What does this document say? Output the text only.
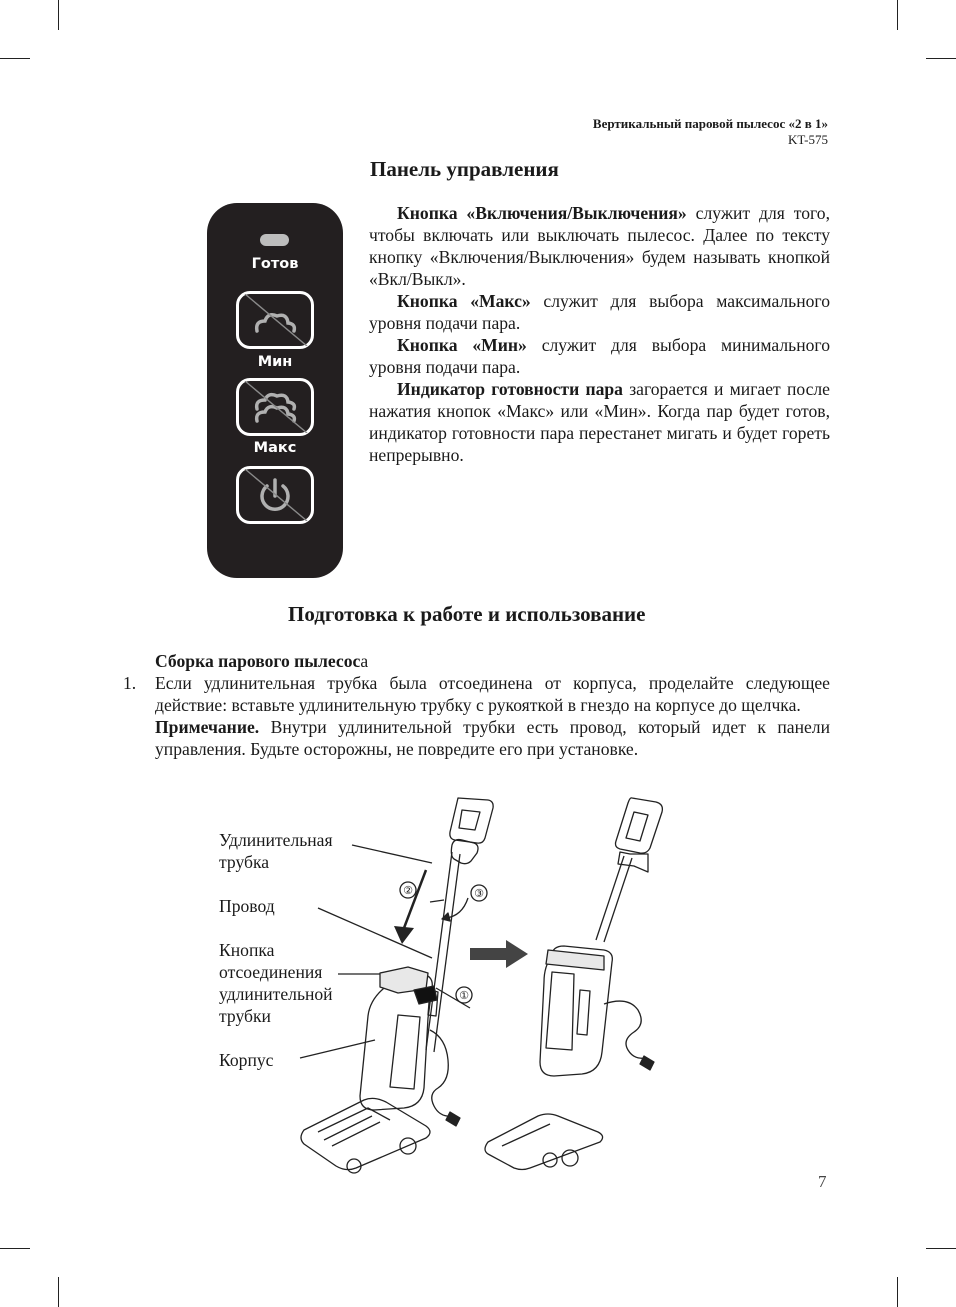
Вертикальный паровой пылесос «2 в 1»
KT-575
Панель управления
Готов
Мин
Макс

Кнопка «Включения/Выключения» служит для того, чтобы включать или выключать пылесос. Далее по тексту кнопку «Включения/Выключения» будем называть кнопкой «Вкл/Выкл».

Кнопка «Макс» служит для выбора максимального уровня подачи пара.

Кнопка «Мин» служит для выбора минимального уровня подачи пара.

Индикатор готовности пара загорается и мигает после нажатия кнопок «Макс» или «Мин». Когда пар будет готов, индикатор готовности пара перестанет мигать и будет гореть непрерывно.

Подготовка к работе и использование
Сборка парового пылесоса
1. Если удлинительная трубка была отсоединена от корпуса, проделайте следующее действие: вставьте удлинительную трубку с рукояткой в гнездо на корпусе до щелчка.
Примечание. Внутри удлинительной трубки есть провод, который идет к панели управления. Будьте осторожны, не повредите его при установке.
Удлинительная
трубка
Провод
Кнопка
отсоединения
удлинительной
трубки
Корпус
②	③
①
7
